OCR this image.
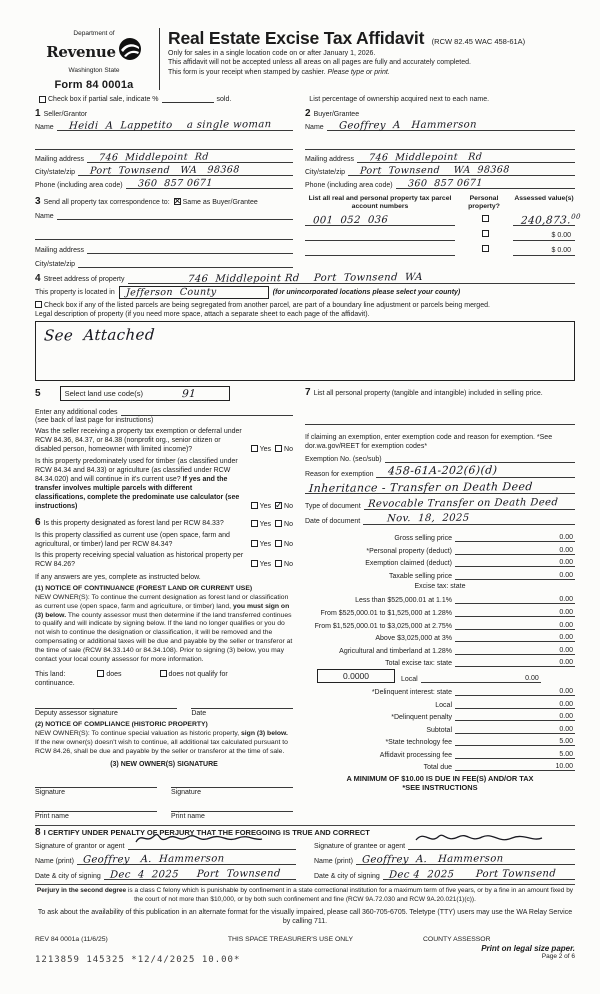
Department of
Revenue
Washington State
Form 84 0001a
Real Estate Excise Tax Affidavit (RCW 82.45 WAC 458-61A)
Only for sales in a single location code on or after January 1, 2026.
This affidavit will not be accepted unless all areas on all pages are fully and accurately completed.
This form is your receipt when stamped by cashier. Please type or print.
Check box if partial sale, indicate %	sold.	List percentage of ownership acquired next to each name.
1 Seller/Grantor
Name Heidi  A  Lappetito    a single woman
Mailing address 746  Middlepoint  Rd
City/state/zip Port  Townsend   WA   98368
Phone (including area code) 360  857 0671
2 Buyer/Grantee
Name Geoffrey  A   Hammerson
Mailing address 746  Middlepoint   Rd
City/state/zip Port  Townsend    WA  98368
Phone (including area code) 360  857 0671
3 Send all property tax correspondence to: ✕ Same as Buyer/Grantee
Name
Mailing address
City/state/zip
List all real and personal property tax parcel account numbers
Personal property?
Assessed value(s)
001  052  036	240,873.00
$ 0.00
$ 0.00
4 Street address of property	746  Middlepoint Rd    Port  Townsend  WA
This property is located in Jefferson  County	(for unincorporated locations please select your county)
Check box if any of the listed parcels are being segregated from another parcel, are part of a boundary line adjustment or parcels being merged.
Legal description of property (if you need more space, attach a separate sheet to each page of the affidavit).
See  Attached
5	Select land use code(s)	91
Enter any additional codes
(see back of last page for instructions)
Was the seller receiving a property tax exemption or deferral under RCW 84.36, 84.37, or 84.38 (nonprofit org., senior citizen or disabled person, homeowner with limited income)?	Yes No
Is this property predominately used for timber (as classified under RCW 84.34 and 84.33) or agriculture (as classified under RCW 84.34.020) and will continue in it's current use? If yes and the transfer involves multiple parcels with different classifications, complete the predominate use calculator (see instructions)	Yes ✓ No
6 Is this property designated as forest land per RCW 84.33?	Yes No
Is this property classified as current use (open space, farm and agricultural, or timber) land per RCW 84.34?	Yes No
Is this property receiving special valuation as historical property per RCW 84.26?	Yes No
If any answers are yes, complete as instructed below.
(1) NOTICE OF CONTINUANCE (FOREST LAND OR CURRENT USE)
NEW OWNER(S): To continue the current designation as forest land or classification as current use (open space, farm and agriculture, or timber) land, you must sign on (3) below. The county assessor must then determine if the land transferred continues to qualify and will indicate by signing below. If the land no longer qualifies or you do not wish to continue the designation or classification, it will be removed and the compensating or additional taxes will be due and payable by the seller or transferor at the time of sale (RCW 84.33.140 or 84.34.108). Prior to signing (3) below, you may contact your local county assessor for more information.
This land:	does	does not qualify for
continuance.
Deputy assessor signature	Date
(2) NOTICE OF COMPLIANCE (HISTORIC PROPERTY)
NEW OWNER(S): To continue special valuation as historic property, sign (3) below. If the new owner(s) doesn't wish to continue, all additional tax calculated pursuant to RCW 84.26, shall be due and payable by the seller or transferor at the time of sale.
(3) NEW OWNER(S) SIGNATURE
Signature	Signature
Print name	Print name
7 List all personal property (tangible and intangible) included in selling price.
If claiming an exemption, enter exemption code and reason for exemption. *See dor.wa.gov/REET for exemption codes*
Exemption No. (sec/sub)
Reason for exemption 458-61A-202(6)(d)
Inheritance - Transfer on Death Deed
Type of document Revocable Transfer on Death Deed
Date of document	Nov.  18,  2025
Gross selling price	0.00
*Personal property (deduct)	0.00
Exemption claimed (deduct)	0.00
Taxable selling price	0.00
Excise tax: state
Less than $525,000.01 at 1.1%	0.00
From $525,000.01 to $1,525,000 at 1.28%	0.00
From $1,525,000.01 to $3,025,000 at 2.75%	0.00
Above $3,025,000 at 3%	0.00
Agricultural and timberland at 1.28%	0.00
Total excise tax: state	0.00
0.0000	Local	0.00
*Delinquent interest: state	0.00
Local	0.00
*Delinquent penalty	0.00
Subtotal	0.00
*State technology fee	5.00
Affidavit processing fee	5.00
Total due	10.00
A MINIMUM OF $10.00 IS DUE IN FEE(S) AND/OR TAX
*SEE INSTRUCTIONS
8 I CERTIFY UNDER PENALTY OF PERJURY THAT THE FOREGOING IS TRUE AND CORRECT
Signature of grantor or agent
Name (print) Geoffrey   A.  Hammerson
Date & city of signing Dec  4  2025     Port  Townsend
Signature of grantee or agent
Name (print) Geoffrey  A.   Hammerson
Date & city of signing Dec 4  2025      Port Townsend
Perjury in the second degree is a class C felony which is punishable by confinement in a state correctional institution for a maximum term of five years, or by a fine in an amount fixed by the court of not more than $10,000, or by both such confinement and fine (RCW 9A.72.030 and RCW 9A.20.021(1)(c)).
To ask about the availability of this publication in an alternate format for the visually impaired, please call 360-705-6705. Teletype (TTY) users may use the WA Relay Service by calling 711.
REV 84 0001a (11/6/25)	THIS SPACE TREASURER'S USE ONLY	COUNTY ASSESSOR
1213859 145325 *12/4/2025 10.00*
Print on legal size paper.
Page 2 of 6
